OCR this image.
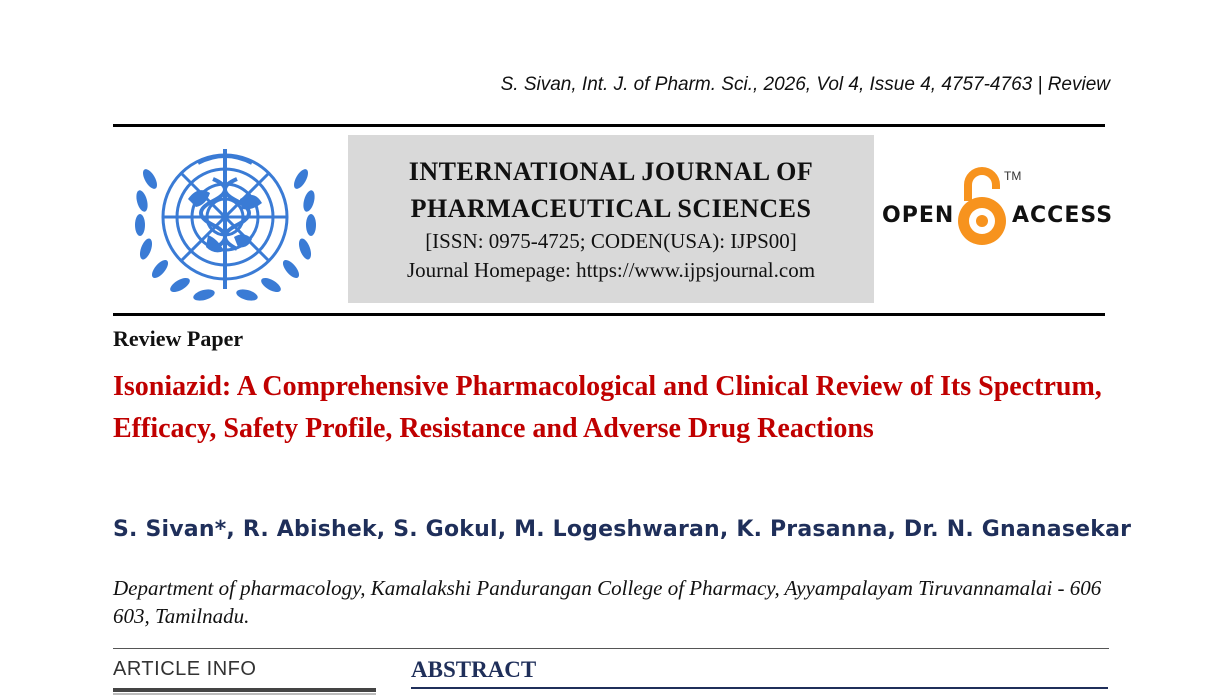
S. Sivan, Int. J. of Pharm. Sci., 2026, Vol 4, Issue 4, 4757-4763 | Review
INTERNATIONAL JOURNAL OF
PHARMACEUTICAL SCIENCES
[ISSN: 0975-4725; CODEN(USA): IJPS00]
Journal Homepage: https://www.ijpsjournal.com
OPEN
TM
ACCESS
Review Paper
Isoniazid: A Comprehensive Pharmacological and Clinical Review of Its Spectrum, Efficacy, Safety Profile, Resistance and Adverse Drug Reactions
S. Sivan*, R. Abishek, S. Gokul, M. Logeshwaran, K. Prasanna, Dr. N. Gnanasekar
Department of pharmacology, Kamalakshi Pandurangan College of Pharmacy, Ayyampalayam Tiruvannamalai - 606 603, Tamilnadu.
ARTICLE INFO	ABSTRACT
